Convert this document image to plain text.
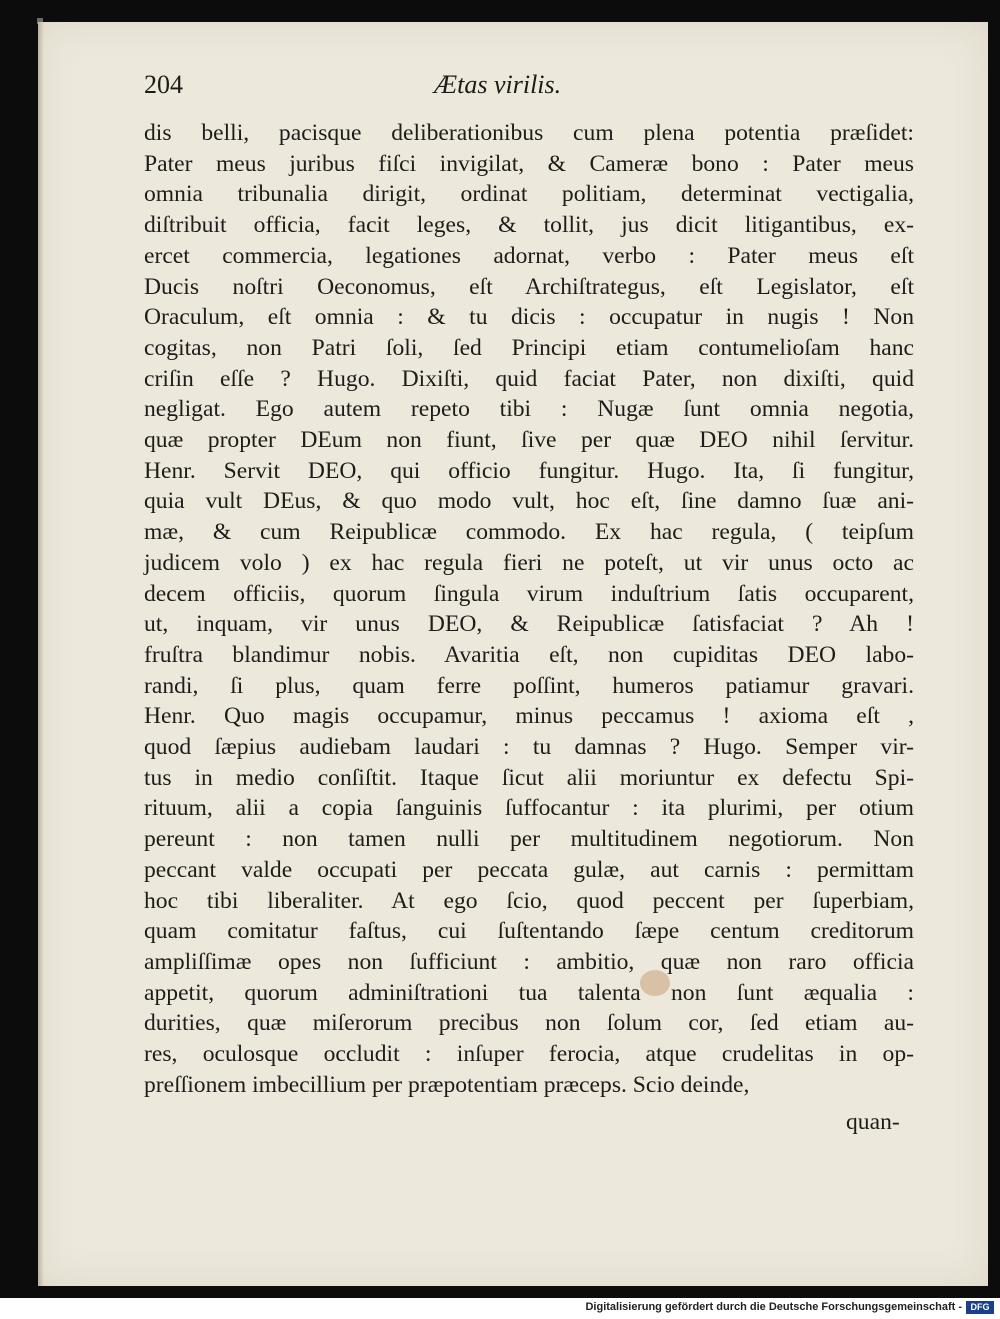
204	Ætas virilis.
dis belli, pacisque deliberationibus cum plena potentia præſidet:
Pater meus juribus fiſci invigilat, & Cameræ bono : Pater meus
omnia tribunalia dirigit, ordinat politiam, determinat vectigalia,
diſtribuit officia, facit leges, & tollit, jus dicit litigantibus, ex-
ercet commercia, legationes adornat, verbo : Pater meus eſt
Ducis noſtri Oeconomus, eſt Archiſtrategus, eſt Legislator, eſt
Oraculum, eſt omnia : & tu dicis : occupatur in nugis ! Non
cogitas, non Patri ſoli, ſed Principi etiam contumelioſam hanc
criſin eſſe ? Hugo. Dixiſti, quid faciat Pater, non dixiſti, quid
negligat. Ego autem repeto tibi : Nugæ ſunt omnia negotia,
quæ propter DEum non fiunt, ſive per quæ DEO nihil ſervitur.
Henr. Servit DEO, qui officio fungitur. Hugo. Ita, ſi fungitur,
quia vult DEus, & quo modo vult, hoc eſt, ſine damno ſuæ ani-
mæ, & cum Reipublicæ commodo. Ex hac regula, ( teipſum
judicem volo ) ex hac regula fieri ne poteſt, ut vir unus octo ac
decem officiis, quorum ſingula virum induſtrium ſatis occuparent,
ut, inquam, vir unus DEO, & Reipublicæ ſatisfaciat ? Ah !
fruſtra blandimur nobis. Avaritia eſt, non cupiditas DEO labo-
randi, ſi plus, quam ferre poſſint, humeros patiamur gravari.
Henr. Quo magis occupamur, minus peccamus ! axioma eſt ,
quod ſæpius audiebam laudari : tu damnas ? Hugo. Semper vir-
tus in medio conſiſtit. Itaque ſicut alii moriuntur ex defectu Spi-
rituum, alii a copia ſanguinis ſuffocantur : ita plurimi, per otium
pereunt : non tamen nulli per multitudinem negotiorum. Non
peccant valde occupati per peccata gulæ, aut carnis : permittam
hoc tibi liberaliter. At ego ſcio, quod peccent per ſuperbiam,
quam comitatur faſtus, cui ſuſtentando ſæpe centum creditorum
ampliſſimæ opes non ſufficiunt : ambitio, quæ non raro officia
appetit, quorum adminiſtrationi tua talenta non ſunt æqualia :
durities, quæ miſerorum precibus non ſolum cor, ſed etiam au-
res, oculosque occludit : inſuper ferocia, atque crudelitas in op-
preſſionem imbecillium per præpotentiam præceps. Scio deinde,
quan-
Digitalisierung gefördert durch die Deutsche Forschungsgemeinschaft - DFG
